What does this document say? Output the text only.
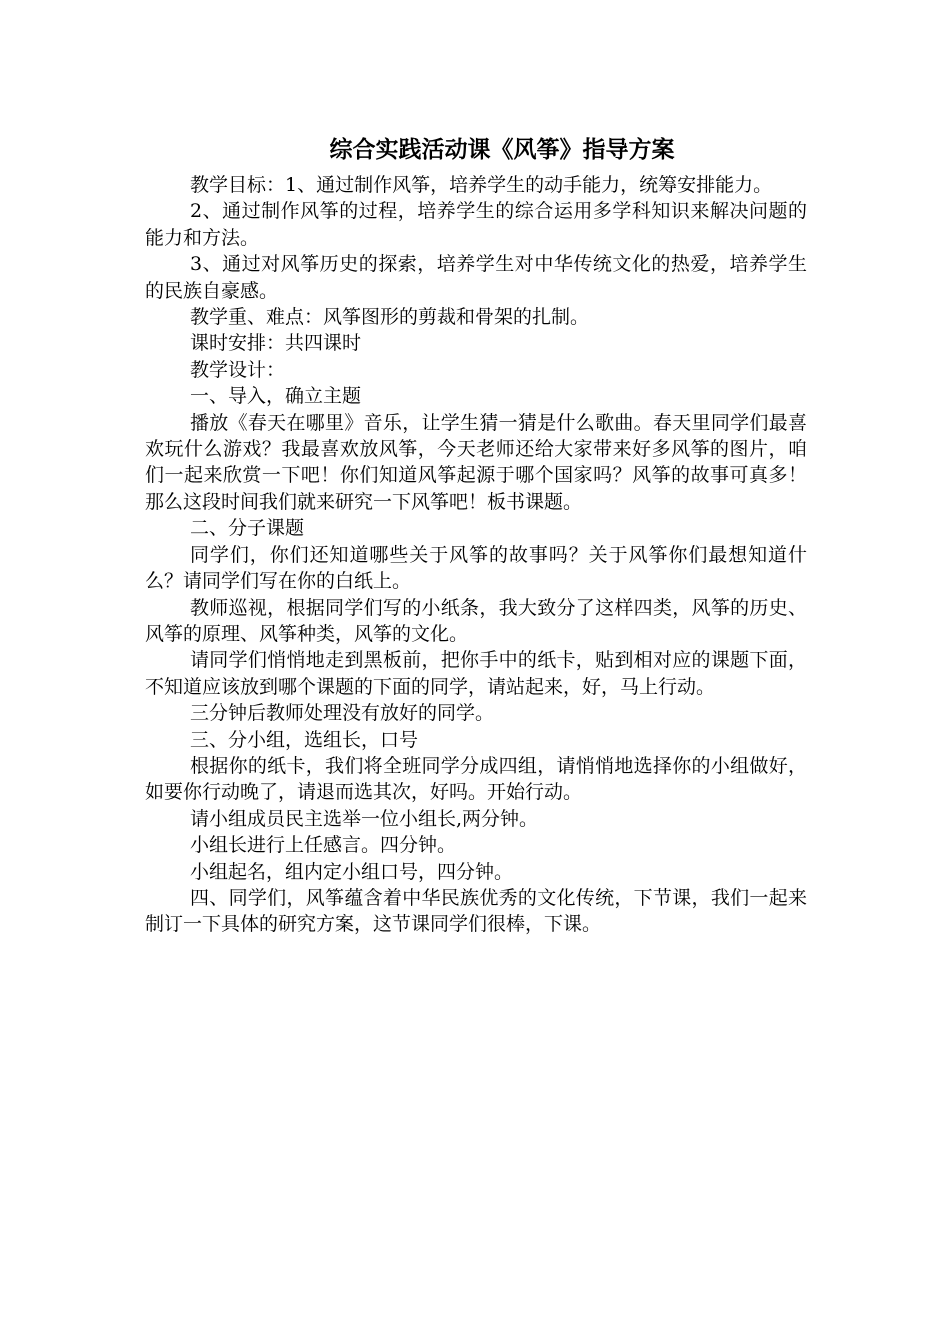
综合实践活动课《风筝》指导方案

教学目标：1、通过制作风筝，培养学生的动手能力，统筹安排能力。

2、通过制作风筝的过程，培养学生的综合运用多学科知识来解决问题的能力和方法。

3、通过对风筝历史的探索，培养学生对中华传统文化的热爱，培养学生的民族自豪感。

教学重、难点：风筝图形的剪裁和骨架的扎制。

课时安排：共四课时

教学设计：

一、导入，确立主题

播放《春天在哪里》音乐，让学生猜一猜是什么歌曲。春天里同学们最喜欢玩什么游戏？我最喜欢放风筝，今天老师还给大家带来好多风筝的图片，咱们一起来欣赏一下吧！你们知道风筝起源于哪个国家吗？风筝的故事可真多！那么这段时间我们就来研究一下风筝吧！板书课题。

二、分子课题

同学们，你们还知道哪些关于风筝的故事吗？关于风筝你们最想知道什么？请同学们写在你的白纸上。

教师巡视，根据同学们写的小纸条，我大致分了这样四类，风筝的历史、风筝的原理、风筝种类，风筝的文化。

请同学们悄悄地走到黑板前，把你手中的纸卡，贴到相对应的课题下面，不知道应该放到哪个课题的下面的同学，请站起来，好，马上行动。

三分钟后教师处理没有放好的同学。

三、分小组，选组长，口号

根据你的纸卡，我们将全班同学分成四组，请悄悄地选择你的小组做好，如要你行动晚了，请退而选其次，好吗。开始行动。

请小组成员民主选举一位小组长,两分钟。

小组长进行上任感言。四分钟。

小组起名，组内定小组口号，四分钟。

四、同学们，风筝蕴含着中华民族优秀的文化传统，下节课，我们一起来制订一下具体的研究方案，这节课同学们很棒，下课。
